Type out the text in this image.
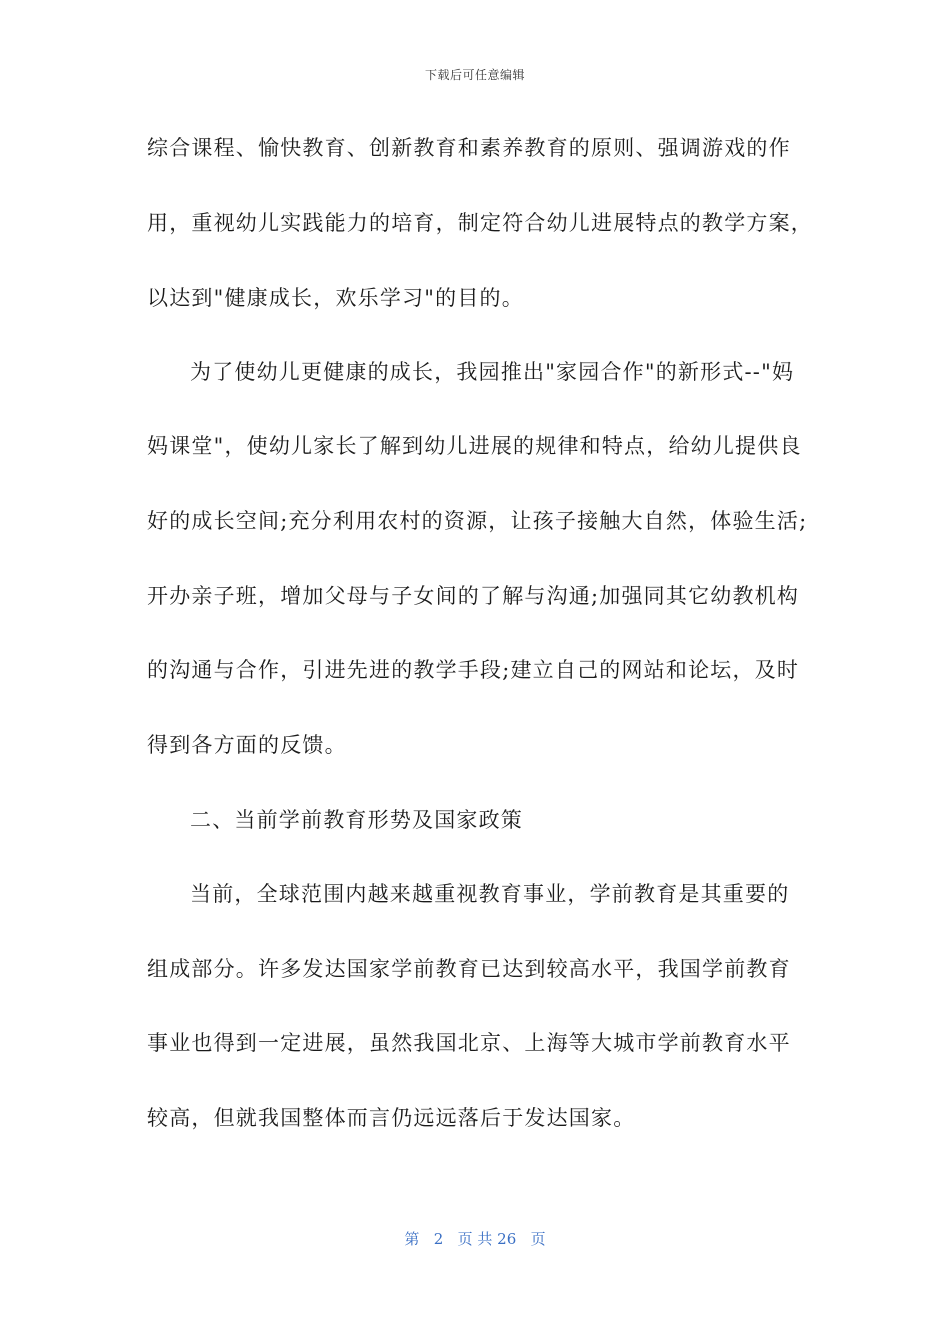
下载后可任意编辑
综合课程、愉快教育、创新教育和素养教育的原则、强调游戏的作
用，重视幼儿实践能力的培育，制定符合幼儿进展特点的教学方案，
以达到"健康成长，欢乐学习"的目的。
为了使幼儿更健康的成长，我园推出"家园合作"的新形式--"妈
妈课堂"，使幼儿家长了解到幼儿进展的规律和特点，给幼儿提供良
好的成长空间;充分利用农村的资源，让孩子接触大自然，体验生活;
开办亲子班，增加父母与子女间的了解与沟通;加强同其它幼教机构
的沟通与合作，引进先进的教学手段;建立自己的网站和论坛，及时
得到各方面的反馈。
二、当前学前教育形势及国家政策
当前，全球范围内越来越重视教育事业，学前教育是其重要的
组成部分。许多发达国家学前教育已达到较高水平，我国学前教育
事业也得到一定进展，虽然我国北京、上海等大城市学前教育水平
较高，但就我国整体而言仍远远落后于发达国家。
第 2 页 共 26 页
